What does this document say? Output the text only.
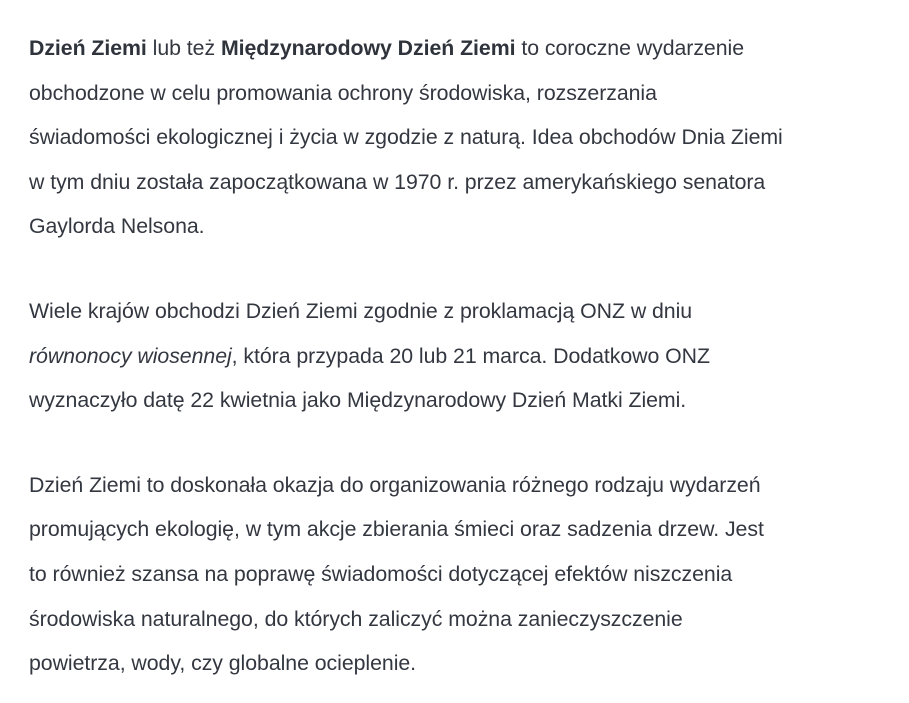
Dzień Ziemi lub też Międzynarodowy Dzień Ziemi to coroczne wydarzenie
obchodzone w celu promowania ochrony środowiska, rozszerzania
świadomości ekologicznej i życia w zgodzie z naturą. Idea obchodów Dnia Ziemi
w tym dniu została zapoczątkowana w 1970 r. przez amerykańskiego senatora
Gaylorda Nelsona.

Wiele krajów obchodzi Dzień Ziemi zgodnie z proklamacją ONZ w dniu
równonocy wiosennej, która przypada 20 lub 21 marca. Dodatkowo ONZ
wyznaczyło datę 22 kwietnia jako Międzynarodowy Dzień Matki Ziemi.

Dzień Ziemi to doskonała okazja do organizowania różnego rodzaju wydarzeń
promujących ekologię, w tym akcje zbierania śmieci oraz sadzenia drzew. Jest
to również szansa na poprawę świadomości dotyczącej efektów niszczenia
środowiska naturalnego, do których zaliczyć można zanieczyszczenie
powietrza, wody, czy globalne ocieplenie.
